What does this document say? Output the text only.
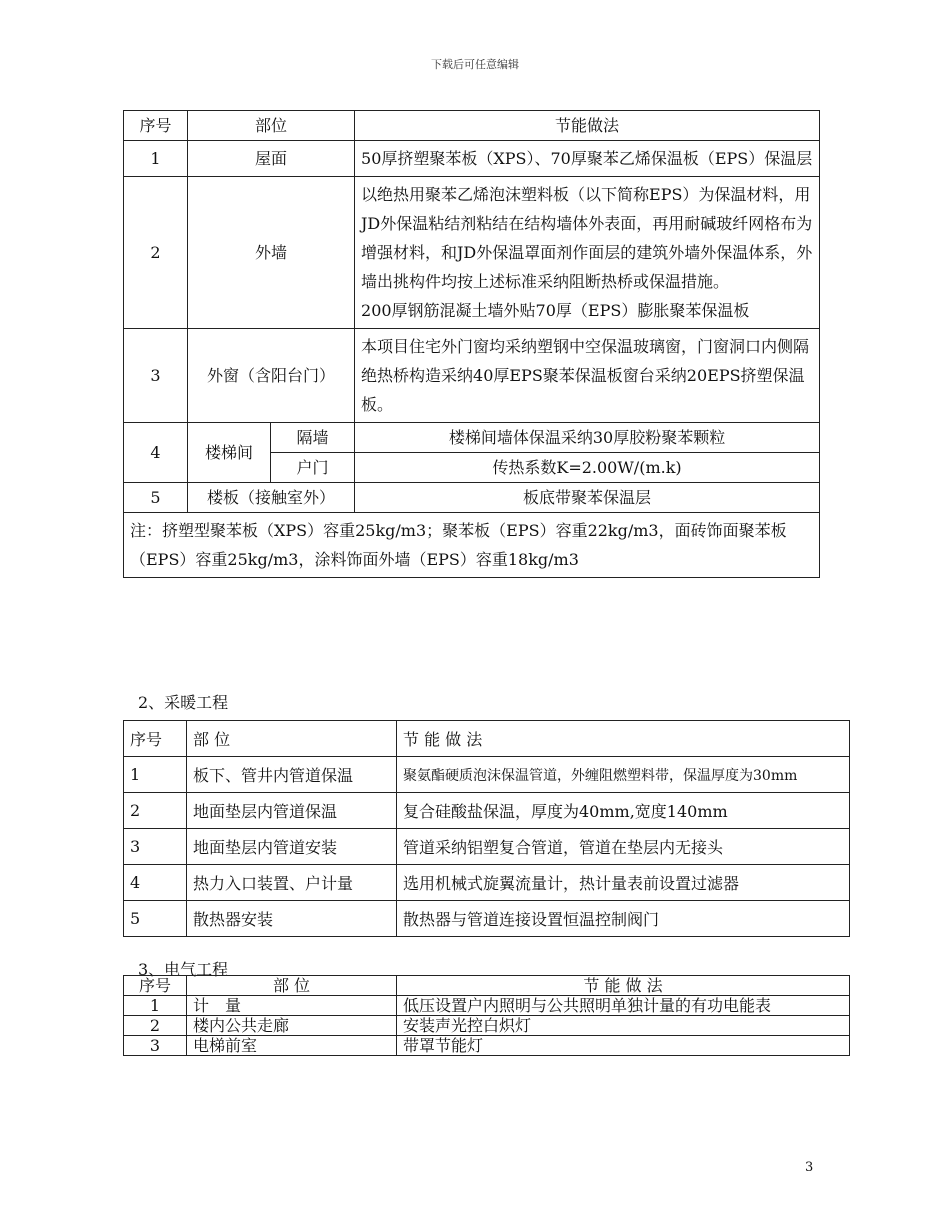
下载后可任意编辑
序号	部位		节能做法
1	屋面		50厚挤塑聚苯板（XPS）、70厚聚苯乙烯保温板（EPS）保温层
2	外墙		以绝热用聚苯乙烯泡沫塑料板（以下简称EPS）为保温材料，用JD外保温粘结剂粘结在结构墙体外表面，再用耐碱玻纤网格布为增强材料，和JD外保温罩面剂作面层的建筑外墙外保温体系，外墙出挑构件均按上述标准采纳阻断热桥或保温措施。
200厚钢筋混凝土墙外贴70厚（EPS）膨胀聚苯保温板

3	外窗（含阳台门）		本项目住宅外门窗均采纳塑钢中空保温玻璃窗，门窗洞口内侧隔绝热桥构造采纳40厚EPS聚苯保温板窗台采纳20EPS挤塑保温板。
4	楼梯间	隔墙	楼梯间墙体保温采纳30厚胶粉聚苯颗粒
		户门	传热系数K=2.00W/(m.k)
5	楼板（接触室外）		板底带聚苯保温层
注：挤塑型聚苯板（XPS）容重25kg/m3；聚苯板（EPS）容重22kg/m3，面砖饰面聚苯板（EPS）容重25kg/m3，涂料饰面外墙（EPS）容重18kg/m3			
2、采暖工程
序号	部 位	节 能 做 法
1	板下、管井内管道保温	聚氨酯硬质泡沫保温管道，外缠阻燃塑料带，保温厚度为30mm
2	地面垫层内管道保温	复合硅酸盐保温，厚度为40mm,宽度140mm
3	地面垫层内管道安装	管道采纳铝塑复合管道，管道在垫层内无接头
4	热力入口装置、户计量	选用机械式旋翼流量计，热计量表前设置过滤器
5	散热器安装	散热器与管道连接设置恒温控制阀门
3、电气工程
序号	部 位	节 能 做 法
1	计　量	低压设置户内照明与公共照明单独计量的有功电能表
2	楼内公共走廊	安装声光控白炽灯
3	电梯前室	带罩节能灯
3
